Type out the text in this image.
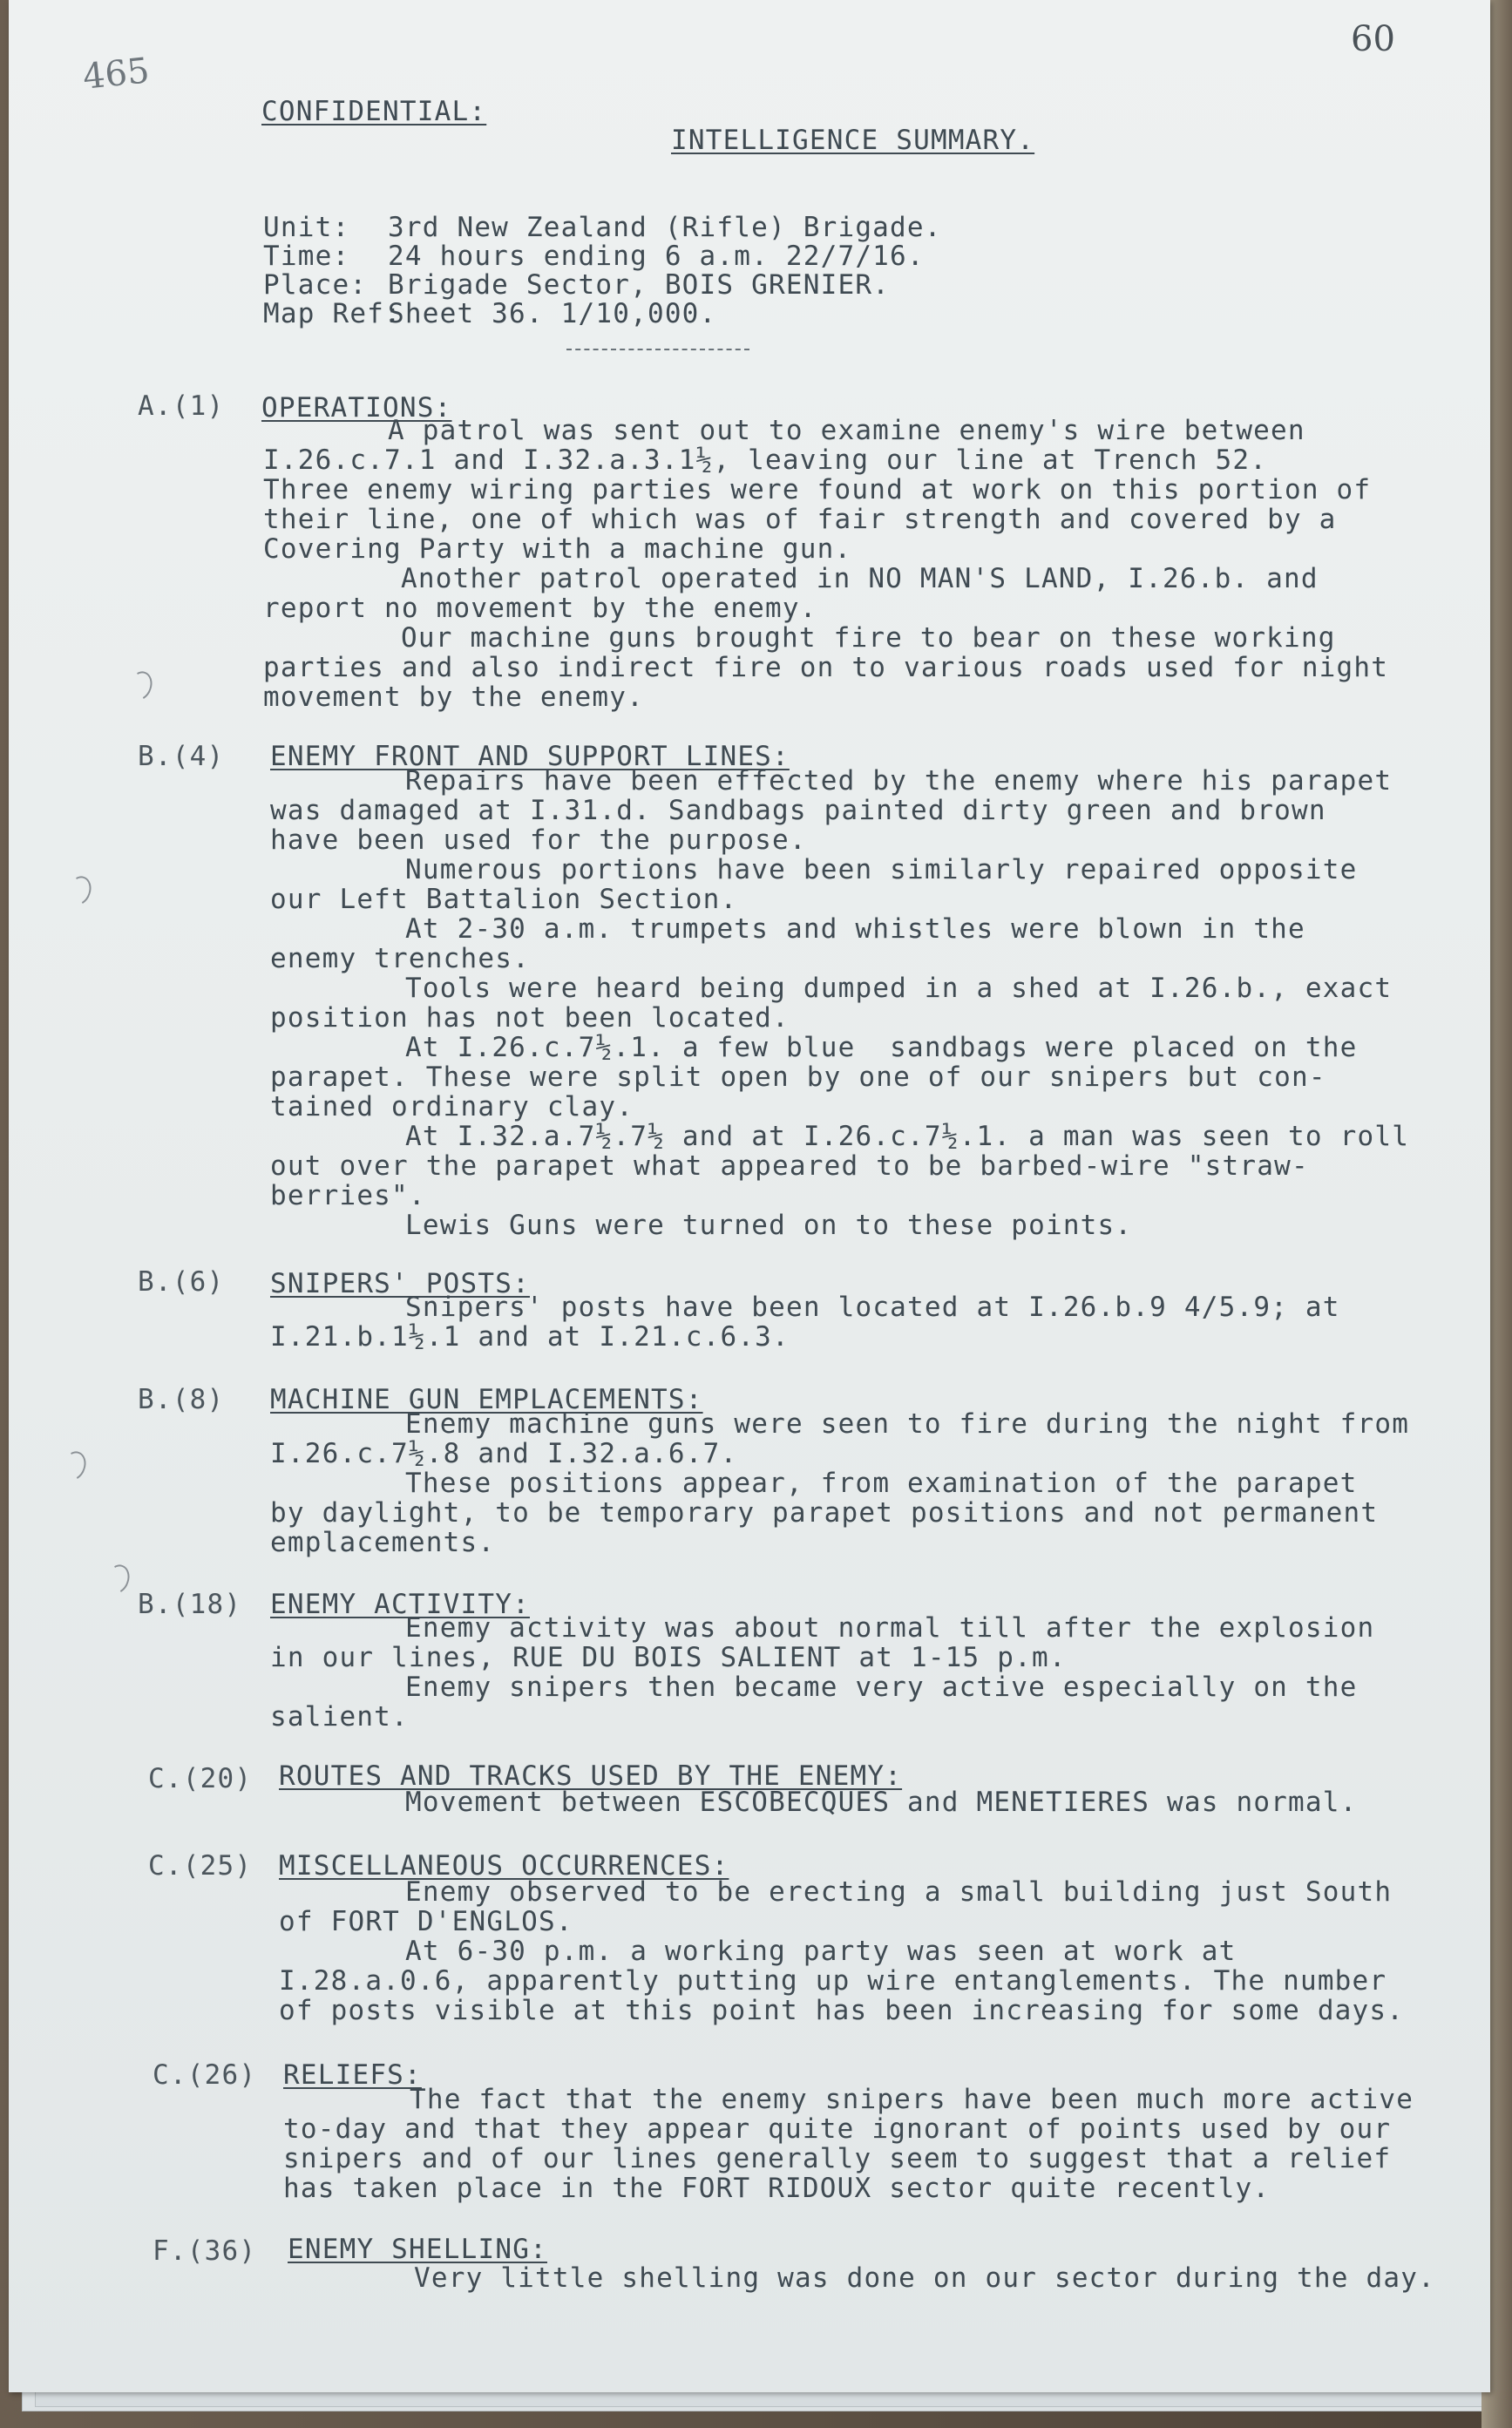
60
465
CONFIDENTIAL:
INTELLIGENCE SUMMARY.
Unit: 3rd New Zealand (Rifle) Brigade.
Time: 24 hours ending 6 a.m. 22/7/16.
Place: Brigade Sector, BOIS GRENIER.
Map Ref:
Sheet 36. 1/10,000.
A.(1) OPERATIONS:
A patrol was sent out to examine enemy's wire between
I.26.c.7.1 and I.32.a.3.1½, leaving our line at Trench 52.
Three enemy wiring parties were found at work on this portion of
their line, one of which was of fair strength and covered by a
Covering Party with a machine gun.
Another patrol operated in NO MAN'S LAND, I.26.b. and
report no movement by the enemy.
Our machine guns brought fire to bear on these working
parties and also indirect fire on to various roads used for night
movement by the enemy.
B.(4) ENEMY FRONT AND SUPPORT LINES:
Repairs have been effected by the enemy where his parapet
was damaged at I.31.d. Sandbags painted dirty green and brown
have been used for the purpose.
Numerous portions have been similarly repaired opposite
our Left Battalion Section.
At 2-30 a.m. trumpets and whistles were blown in the
enemy trenches.
Tools were heard being dumped in a shed at I.26.b., exact
position has not been located.
At I.26.c.7½.1. a few blue  sandbags were placed on the
parapet. These were split open by one of our snipers but con-
tained ordinary clay.
At I.32.a.7½.7½ and at I.26.c.7½.1. a man was seen to roll
out over the parapet what appeared to be barbed-wire "straw-
berries".
Lewis Guns were turned on to these points.
B.(6) SNIPERS' POSTS:
Snipers' posts have been located at I.26.b.9 4/5.9; at
I.21.b.1½.1 and at I.21.c.6.3.
B.(8) MACHINE GUN EMPLACEMENTS:
Enemy machine guns were seen to fire during the night from
I.26.c.7½.8 and I.32.a.6.7.
These positions appear, from examination of the parapet
by daylight, to be temporary parapet positions and not permanent
emplacements.
B.(18) ENEMY ACTIVITY:
Enemy activity was about normal till after the explosion
in our lines, RUE DU BOIS SALIENT at 1-15 p.m.
Enemy snipers then became very active especially on the
salient.
C.(20) ROUTES AND TRACKS USED BY THE ENEMY:
Movement between ESCOBECQUES and MENETIERES was normal.
C.(25) MISCELLANEOUS OCCURRENCES:
Enemy observed to be erecting a small building just South
of FORT D'ENGLOS.
At 6-30 p.m. a working party was seen at work at
I.28.a.0.6, apparently putting up wire entanglements. The number
of posts visible at this point has been increasing for some days.
C.(26) RELIEFS:
The fact that the enemy snipers have been much more active
to-day and that they appear quite ignorant of points used by our
snipers and of our lines generally seem to suggest that a relief
has taken place in the FORT RIDOUX sector quite recently.
F.(36) ENEMY SHELLING:
Very little shelling was done on our sector during the day.
